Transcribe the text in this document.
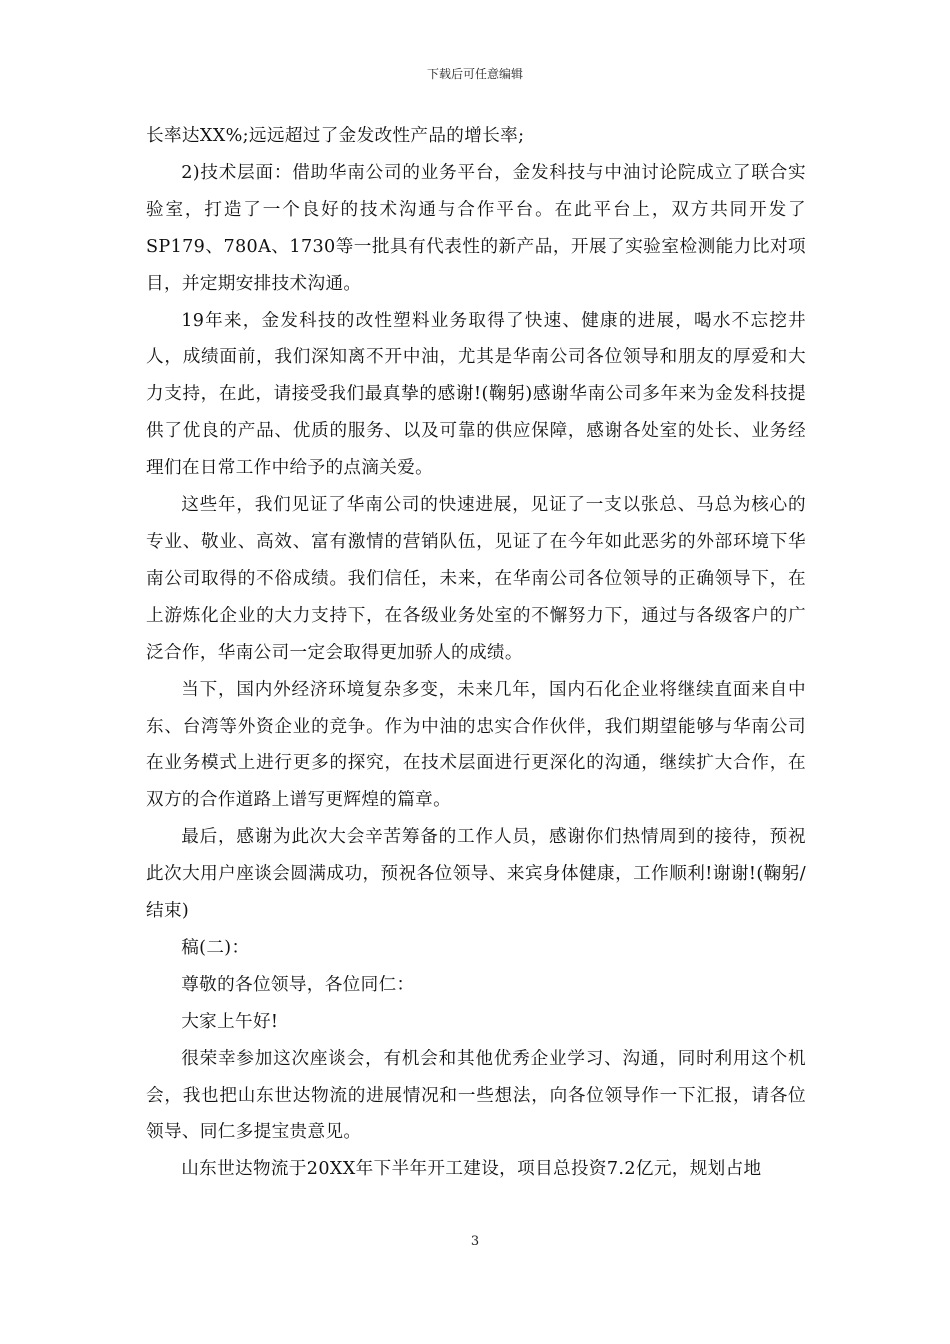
下载后可任意编辑

长率达XX%;远远超过了金发改性产品的增长率;

2)技术层面：借助华南公司的业务平台，金发科技与中油讨论院成立了联合实验室，打造了一个良好的技术沟通与合作平台。在此平台上，双方共同开发了SP179、780A、1730等一批具有代表性的新产品，开展了实验室检测能力比对项目，并定期安排技术沟通。

19年来，金发科技的改性塑料业务取得了快速、健康的进展，喝水不忘挖井人，成绩面前，我们深知离不开中油，尤其是华南公司各位领导和朋友的厚爱和大力支持，在此，请接受我们最真挚的感谢!(鞠躬)感谢华南公司多年来为金发科技提供了优良的产品、优质的服务、以及可靠的供应保障，感谢各处室的处长、业务经理们在日常工作中给予的点滴关爱。

这些年，我们见证了华南公司的快速进展，见证了一支以张总、马总为核心的专业、敬业、高效、富有激情的营销队伍，见证了在今年如此恶劣的外部环境下华南公司取得的不俗成绩。我们信任，未来，在华南公司各位领导的正确领导下，在上游炼化企业的大力支持下，在各级业务处室的不懈努力下，通过与各级客户的广泛合作，华南公司一定会取得更加骄人的成绩。

当下，国内外经济环境复杂多变，未来几年，国内石化企业将继续直面来自中东、台湾等外资企业的竞争。作为中油的忠实合作伙伴，我们期望能够与华南公司在业务模式上进行更多的探究，在技术层面进行更深化的沟通，继续扩大合作，在双方的合作道路上谱写更辉煌的篇章。

最后，感谢为此次大会辛苦筹备的工作人员，感谢你们热情周到的接待，预祝此次大用户座谈会圆满成功，预祝各位领导、来宾身体健康，工作顺利!谢谢!(鞠躬/结束)

稿(二)：

尊敬的各位领导，各位同仁：

大家上午好!

很荣幸参加这次座谈会，有机会和其他优秀企业学习、沟通，同时利用这个机会，我也把山东世达物流的进展情况和一些想法，向各位领导作一下汇报，请各位领导、同仁多提宝贵意见。

山东世达物流于20XX年下半年开工建设，项目总投资7.2亿元，规划占地

3
